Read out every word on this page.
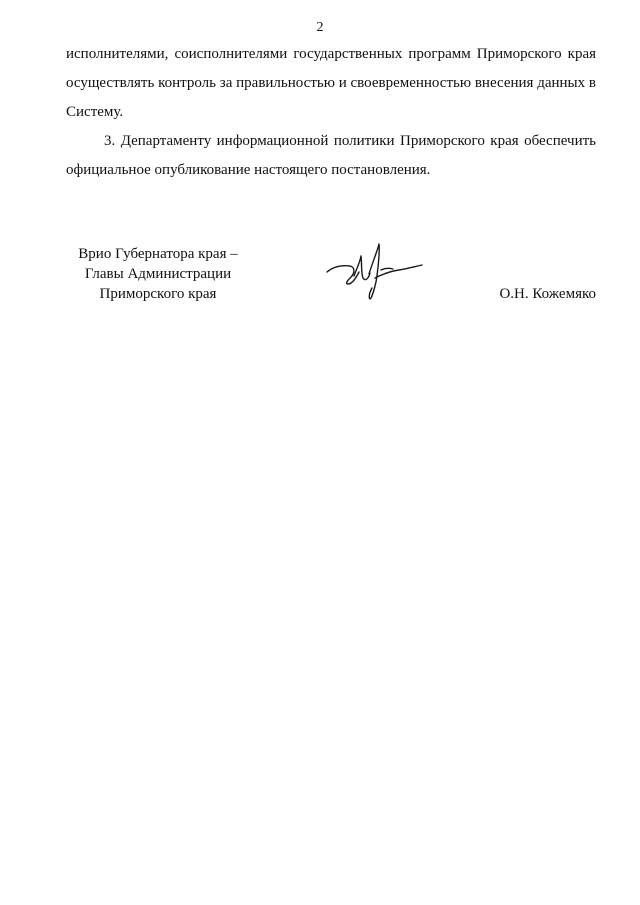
2

исполнителями, соисполнителями государственных программ Приморского края осуществлять контроль за правильностью и своевременностью внесения данных в Систему.

3. Департаменту информационной политики Приморского края обеспечить официальное опубликование настоящего постановления.

Врио Губернатора края –
Главы Администрации
Приморского края	О.Н. Кожемяко
